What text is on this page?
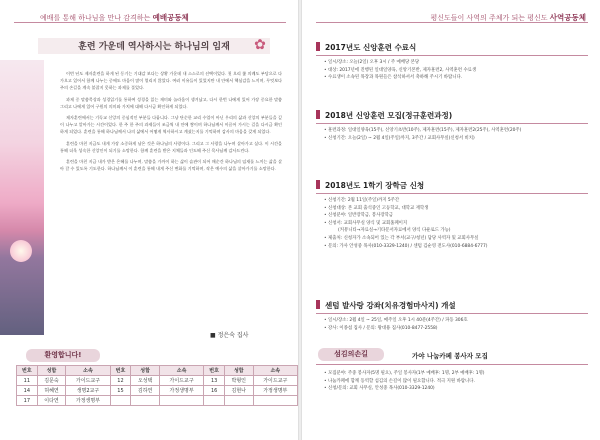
예배를 통해 하나님을 만나 감격하는 예배공동체
훈련 가운데 역사하시는 하나님의 임재	✿

이번 년도 제자훈련을 하게 된 동기는 기대감 보다는 상황 가운데 내 스스로의 선택이었다. 첫 오리 쫓 의례도 부담으로 다가오고 있어서 함께 나누는 중에도 마음이 많이 열리지 않았다. 여러 이유들이 있었지만 내 안에서 핵심감을 느끼며, 무엇보다 주의 손길을 계속 붙잡지 못하는 과제를 풀었다.

과제 중 말씀묵상과 성경읽기를 통하여 성경을 읽는 재미와 놀라움이 생겨났고, 다시 한번 나에게 있어 가장 중요한 말씀 그리고 나에게 있어 구원의 의미와 가치에 대해 다시금 확인하게 되었다.

제자훈련에서는 기독교 신앙의 중심적인 부분들 다룹니다. 그냥 단순한 교리 수업이 아닌 우리의 삶과 신앙의 부분들을 깊이 나누고 알아가는 시간이었다. 한 주 한 주의 과제들이 조금씩 내 안에 쌓이며 하나님께서 이끌어 가시는 길을 다시금 확인하게 되었다. 훈련을 통해 하나님께서 나의 삶에서 어떻게 역사하시고 계셨는지를 기억하며 감사의 마음을 갖게 되었다.

훈련을 마친 지금도 내게 가장 소중하게 남은 것은 하나님의 사랑이다. 그리고 그 사랑을 나누며 살아가고 싶다. 이 시간을 통해 더욱 성숙한 신앙인이 되기를 소망한다. 함께 훈련을 받은 지체들과 인도해 주신 목사님께 감사드린다.

훈련을 마친 지금 내가 받은 은혜를 나누며, 말씀을 가까이 하는 삶이 습관이 되어 매순간 하나님의 임재를 느끼는 삶을 살아 갈 수 있도록 기도한다. 하나님께서 이 훈련을 통해 내게 주신 변화를 기억하며, 작은 예수의 삶을 살아가기를 소망한다.

■ 정은숙 집사
환영합니다!
번호	성함	소속	번호	성함	소속	번호	성함	소속
11	김문숙	가이드교구	12	오성택	가이드교구	13	박형인	가이드교구
14	허혜연	생명2교구	15	김하연	가정생명부	16	김현나	가정생명부
17	이다연	가정생명부						
평신도들이 사역의 주체가 되는 평신도 사역공동체
2017년도 신앙훈련 수료식
• 일시/장소: 오늘(2일) 오후 3시 / 주 예배당 본당
• 대상: 2017년에 진행된 일대일양육, 신앙기본반, 제자훈련2, 사역훈련 수료생
• 수료생이 소속된 목장과 목원들은 참석하셔서 축하해 주시기 바랍니다.
2018년 신앙훈련 모집(정규훈련과정)
• 훈련과정: 일대일양육(15주), 신앙기초반(10주), 제자훈련(15주), 제자훈련2(25주), 사역훈련(20주)
• 신청기간: 오늘(2일) ~ 2월 4일(주일)까지, 3주간 / 교회사무실(신청서 비치)
2018년도 1학기 장학금 신청
• 신청기간: 2월 11일(주일)까지 5주간
• 신청대상: 본 교회 출석중인 고등학교, 대학교 재학생
• 신청분야: 일반장학금, 봉사장학금
• 신청서: 교회사무실 양식 및 교회홈페이지
(커뮤니티→자료실→기타문서자료에서 양식 다운로드 가능)
• 제출처: 신청자가 소속되어 있는 각 부서(교구/청년) 담당 사역자 및 교회사무실
• 문의: 가사 안성중 목사(010-3329-1240) / 센텀 김순영 전도사(010-6884-6777)
센텀 발사랑 강좌(치유경험마사지) 개설
• 일시/장소: 2월 4일 ~ 25일, 매주일 오후 1시 40분(4주간) / 파동 306호
• 강사: 이종섭 집사 / 문의: 왕대용 집사(010-8477-2558)
섬김의손길	가야 나눔카페 봉사자 모집
• 모집분야: 주중 봉사자(5명 필요), 주일 봉사자(1부 예배후: 1명, 2부 예배후: 1명)
• 나눔카페에 함께 동역할 섬김의 손길이 많이 필요합니다. 적극 지원 바랍니다.
• 신청/문의: 교회 사무실, 안성중 목사(010-3329-1240)
